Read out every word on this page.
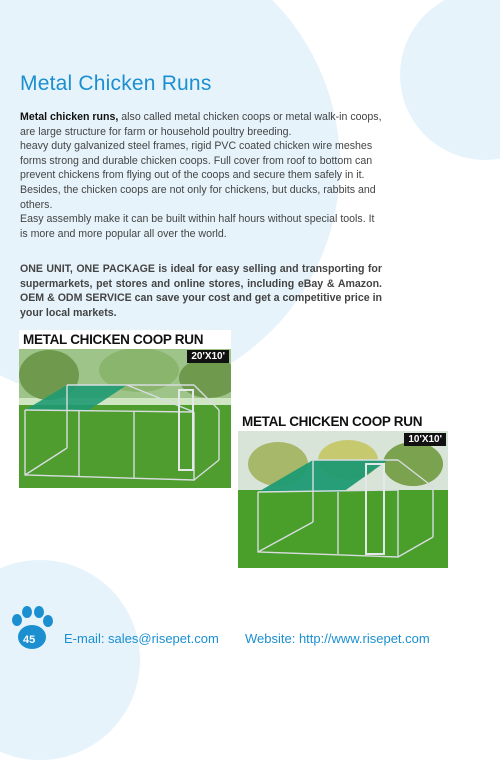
Metal Chicken Runs
Metal chicken runs, also called metal chicken coops or metal walk-in coops, are large structure for farm or household poultry breeding.
heavy duty galvanized steel frames, rigid PVC coated chicken wire meshes forms strong and durable chicken coops. Full cover from roof to bottom can prevent chickens from flying out of the coops and secure them safely in it.
Besides, the chicken coops are not only for chickens, but ducks, rabbits and others.
Easy assembly make it can be built within half hours without special tools. It is more and more popular all over the world.
ONE UNIT, ONE PACKAGE is ideal for easy selling and transporting for supermarkets, pet stores and online stores, including eBay & Amazon. OEM & ODM SERVICE can save your cost and get a competitive price in your local markets.
METAL CHICKEN COOP RUN
20'X10'
METAL CHICKEN COOP RUN
10'X10'
45 E-mail: sales@risepet.com Website: http://www.risepet.com
